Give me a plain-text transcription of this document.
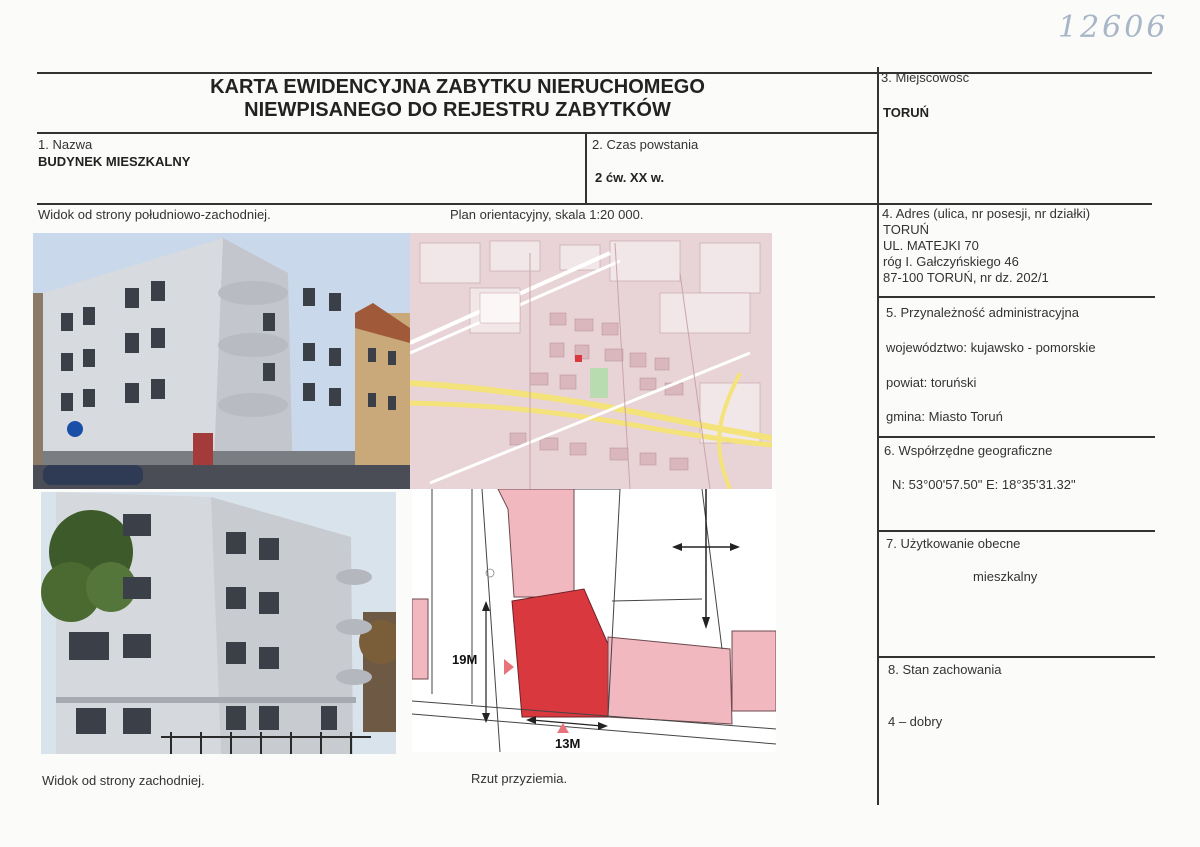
12606
KARTA EWIDENCYJNA ZABYTKU NIERUCHOMEGO
NIEWPISANEGO DO REJESTRU ZABYTKÓW
1. Nazwa
BUDYNEK MIESZKALNY
2. Czas powstania
2 ćw. XX w.
3. Miejscowość
TORUŃ
4. Adres (ulica, nr posesji, nr działki)
TORUŃ
UL. MATEJKI 70
róg I. Gałczyńskiego 46
87-100 TORUŃ, nr dz. 202/1
5. Przynależność administracyjna
województwo: kujawsko - pomorskie
powiat: toruński
gmina: Miasto Toruń
6. Współrzędne geograficzne
N: 53°00'57.50" E: 18°35'31.32"
7. Użytkowanie obecne
mieszkalny
8. Stan zachowania
4 – dobry
Widok od strony południowo-zachodniej.	Plan orientacyjny, skala 1:20 000.
Widok od strony zachodniej.	Rzut przyziemia.
19M
13M
